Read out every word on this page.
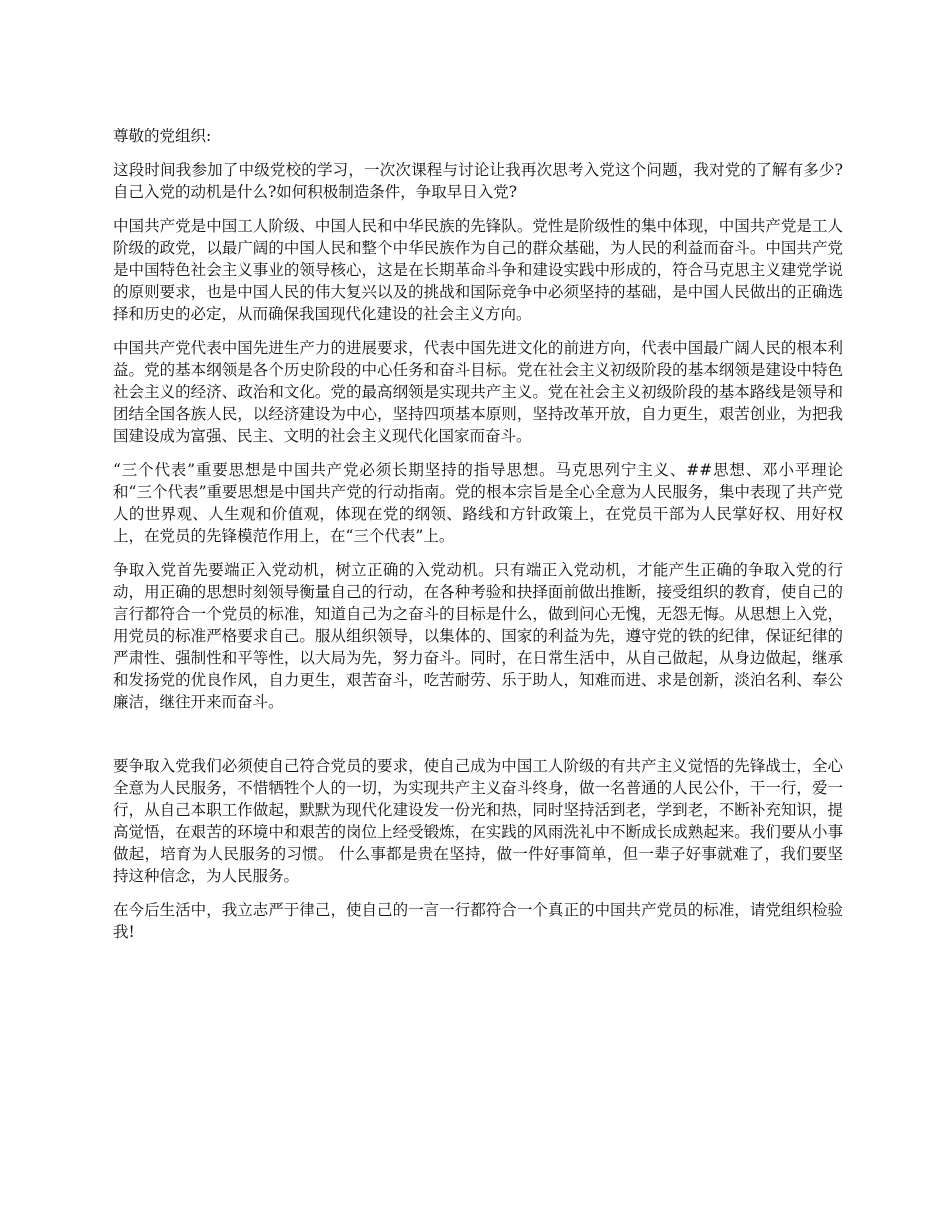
尊敬的党组织:

这段时间我参加了中级党校的学习，一次次课程与讨论让我再次思考入党这个问题，我对党的了解有多少?自己入党的动机是什么?如何积极制造条件，争取早日入党?

中国共产党是中国工人阶级、中国人民和中华民族的先锋队。党性是阶级性的集中体现，中国共产党是工人阶级的政党，以最广阔的中国人民和整个中华民族作为自己的群众基础，为人民的利益而奋斗。中国共产党是中国特色社会主义事业的领导核心，这是在长期革命斗争和建设实践中形成的，符合马克思主义建党学说的原则要求，也是中国人民的伟大复兴以及的挑战和国际竞争中必须坚持的基础，是中国人民做出的正确选择和历史的必定，从而确保我国现代化建设的社会主义方向。

中国共产党代表中国先进生产力的进展要求，代表中国先进文化的前进方向，代表中国最广阔人民的根本利益。党的基本纲领是各个历史阶段的中心任务和奋斗目标。党在社会主义初级阶段的基本纲领是建设中特色社会主义的经济、政治和文化。党的最高纲领是实现共产主义。党在社会主义初级阶段的基本路线是领导和团结全国各族人民，以经济建设为中心，坚持四项基本原则，坚持改革开放，自力更生，艰苦创业，为把我国建设成为富强、民主、文明的社会主义现代化国家而奋斗。

“三个代表”重要思想是中国共产党必须长期坚持的指导思想。马克思列宁主义、##思想、邓小平理论和“三个代表”重要思想是中国共产党的行动指南。党的根本宗旨是全心全意为人民服务，集中表现了共产党人的世界观、人生观和价值观，体现在党的纲领、路线和方针政策上，在党员干部为人民掌好权、用好权上，在党员的先锋模范作用上，在“三个代表”上。

争取入党首先要端正入党动机，树立正确的入党动机。只有端正入党动机，才能产生正确的争取入党的行动，用正确的思想时刻领导衡量自己的行动，在各种考验和抉择面前做出推断，接受组织的教育，使自己的言行都符合一个党员的标准，知道自己为之奋斗的目标是什么，做到问心无愧，无怨无悔。从思想上入党，用党员的标准严格要求自己。服从组织领导，以集体的、国家的利益为先，遵守党的铁的纪律，保证纪律的严肃性、强制性和平等性，以大局为先，努力奋斗。同时，在日常生活中，从自己做起，从身边做起，继承和发扬党的优良作风，自力更生，艰苦奋斗，吃苦耐劳、乐于助人，知难而进、求是创新，淡泊名利、奉公廉洁，继往开来而奋斗。

要争取入党我们必须使自己符合党员的要求，使自己成为中国工人阶级的有共产主义觉悟的先锋战士，全心全意为人民服务，不惜牺牲个人的一切，为实现共产主义奋斗终身，做一名普通的人民公仆，干一行，爱一行，从自己本职工作做起，默默为现代化建设发一份光和热，同时坚持活到老，学到老，不断补充知识，提高觉悟，在艰苦的环境中和艰苦的岗位上经受锻炼，在实践的风雨洗礼中不断成长成熟起来。我们要从小事做起，培育为人民服务的习惯。 什么事都是贵在坚持，做一件好事简单，但一辈子好事就难了，我们要坚持这种信念，为人民服务。

在今后生活中，我立志严于律己，使自己的一言一行都符合一个真正的中国共产党员的标准，请党组织检验我!
